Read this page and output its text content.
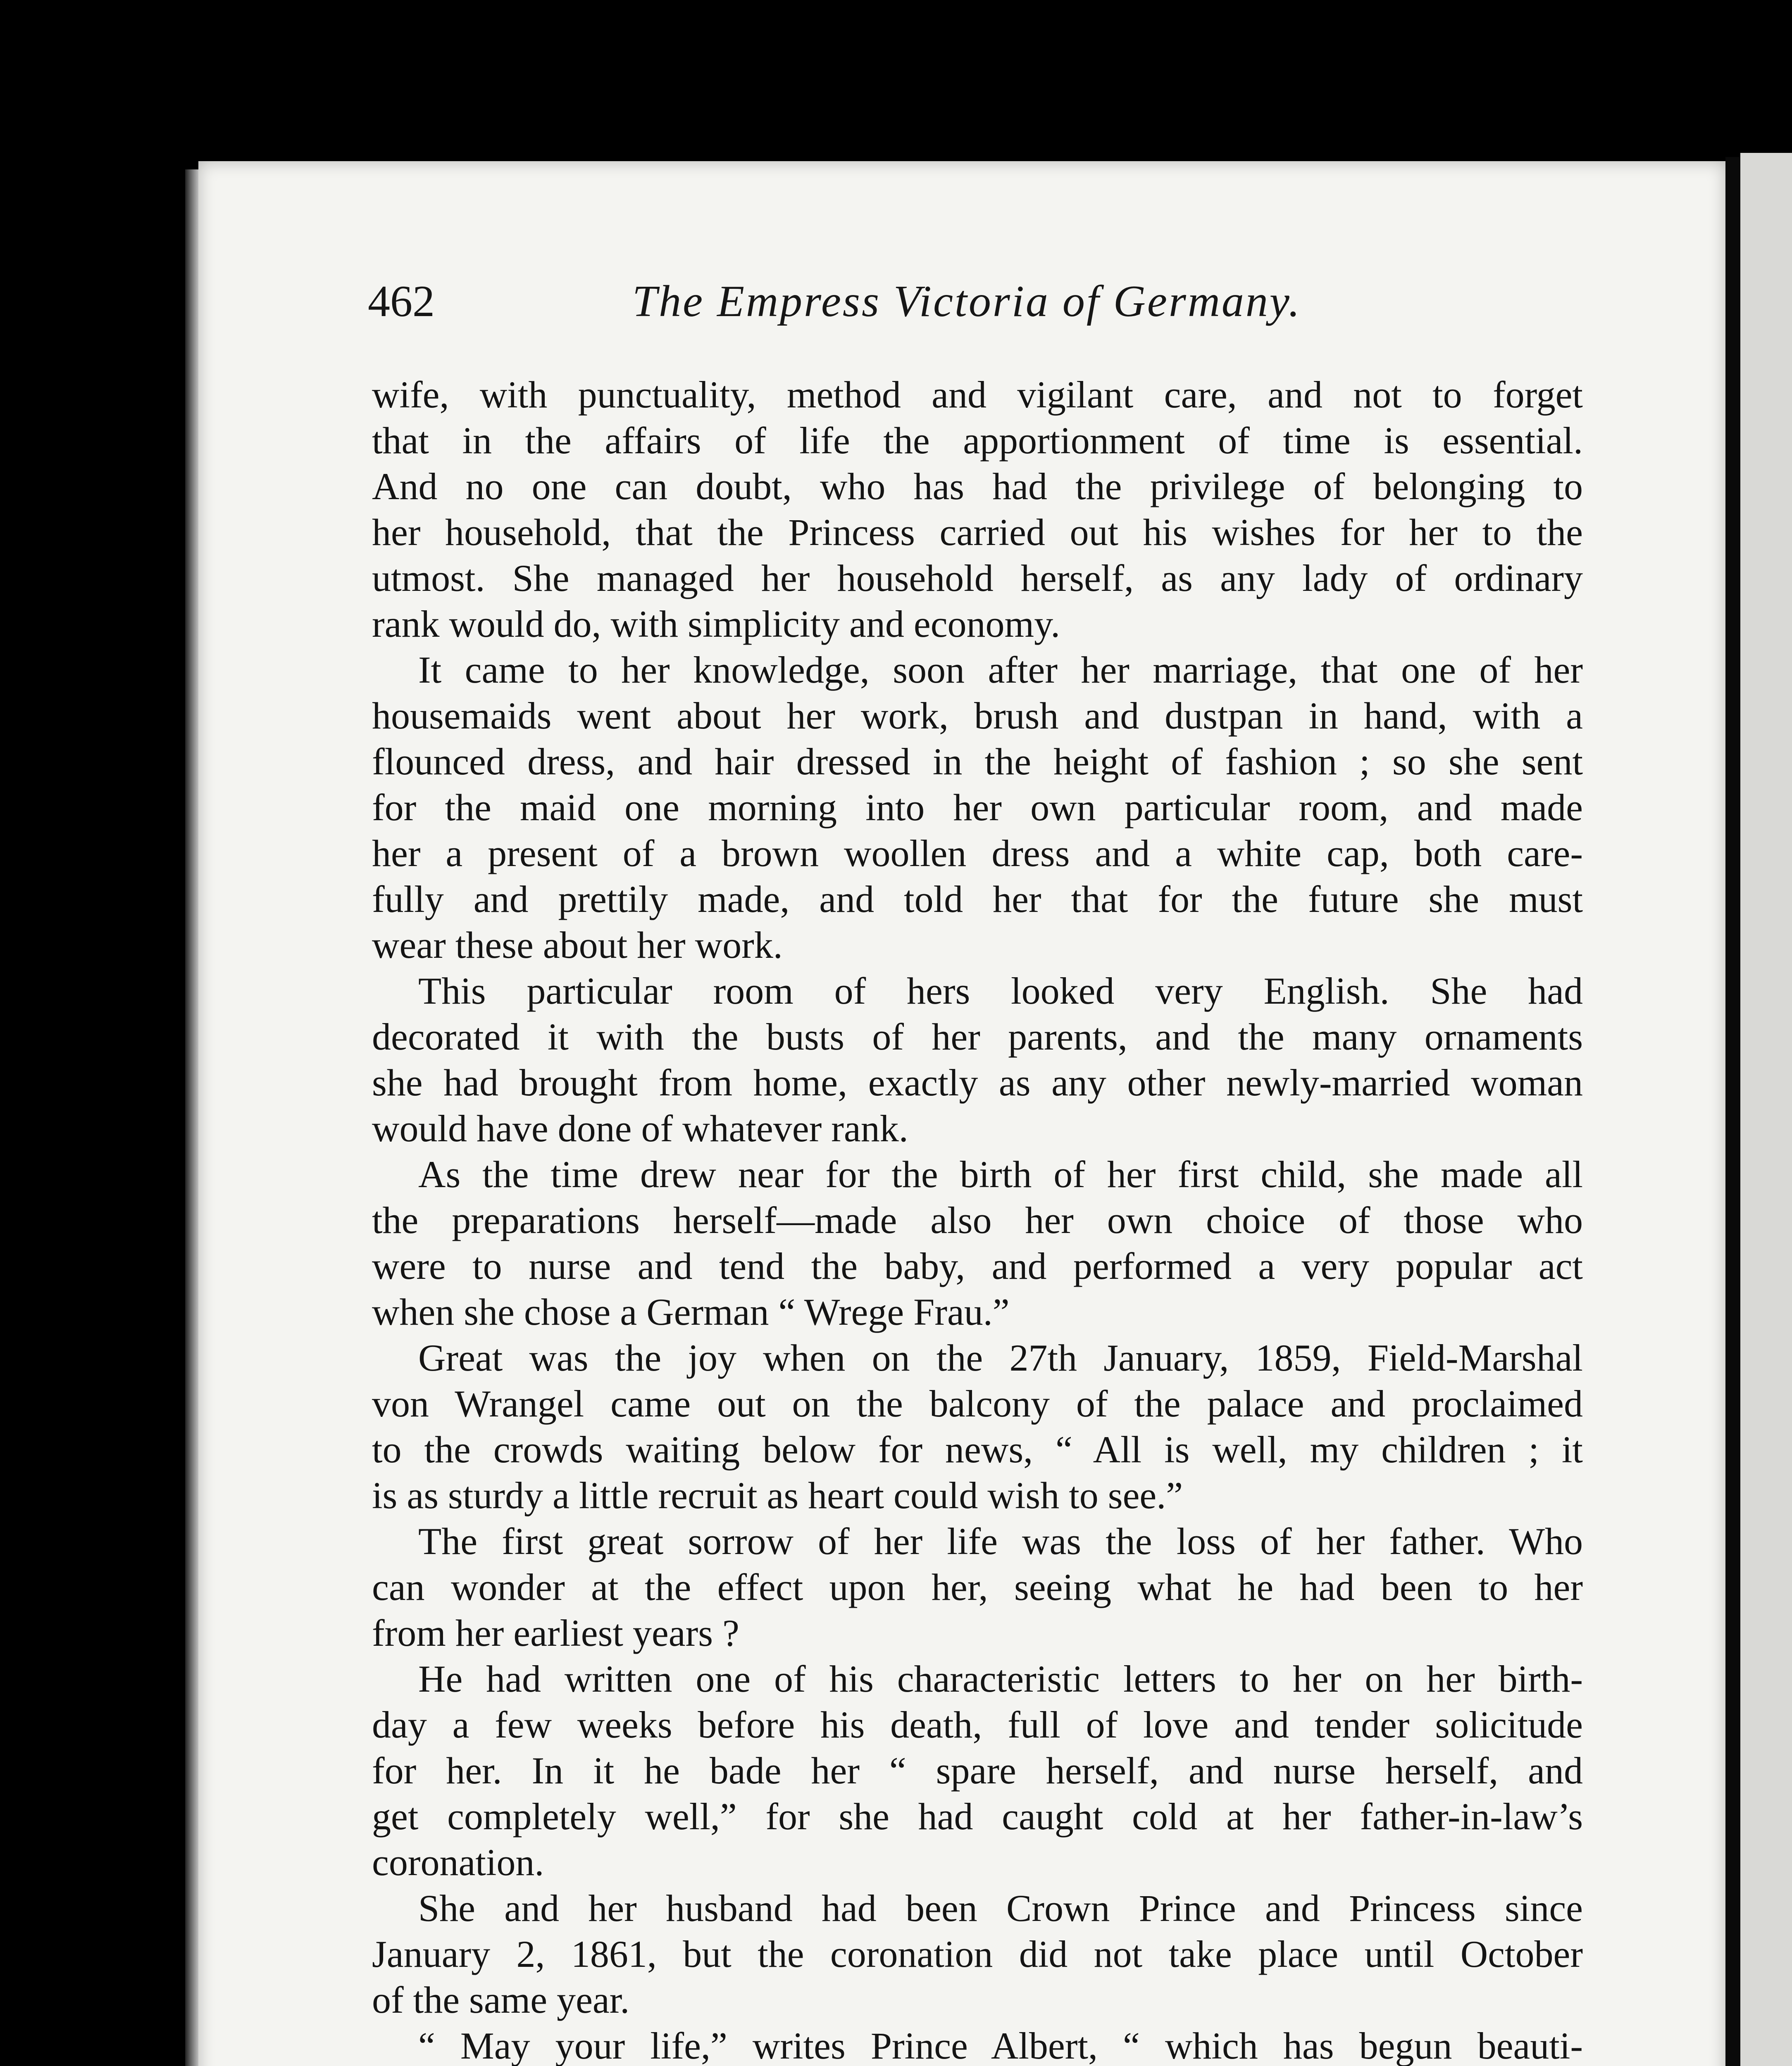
462	The Empress Victoria of Germany.
wife, with punctuality, method and vigilant care, and not to forget
that in the affairs of life the apportionment of time is essential.
And no one can doubt, who has had the privilege of belonging to
her household, that the Princess carried out his wishes for her to the
utmost. She managed her household herself, as any lady of ordinary
rank would do, with simplicity and economy.
It came to her knowledge, soon after her marriage, that one of her
housemaids went about her work, brush and dustpan in hand, with a
flounced dress, and hair dressed in the height of fashion ; so she sent
for the maid one morning into her own particular room, and made
her a present of a brown woollen dress and a white cap, both care-
fully and prettily made, and told her that for the future she must
wear these about her work.
This particular room of hers looked very English. She had
decorated it with the busts of her parents, and the many ornaments
she had brought from home, exactly as any other newly-married woman
would have done of whatever rank.
As the time drew near for the birth of her first child, she made all
the preparations herself—made also her own choice of those who
were to nurse and tend the baby, and performed a very popular act
when she chose a German “ Wrege Frau.”
Great was the joy when on the 27th January, 1859, Field-Marshal
von Wrangel came out on the balcony of the palace and proclaimed
to the crowds waiting below for news, “ All is well, my children ; it
is as sturdy a little recruit as heart could wish to see.”
The first great sorrow of her life was the loss of her father. Who
can wonder at the effect upon her, seeing what he had been to her
from her earliest years ?
He had written one of his characteristic letters to her on her birth-
day a few weeks before his death, full of love and tender solicitude
for her. In it he bade her “ spare herself, and nurse herself, and
get completely well,” for she had caught cold at her father-in-law’s
coronation.
She and her husband had been Crown Prince and Princess since
January 2, 1861, but the coronation did not take place until October
of the same year.
“ May your life,” writes Prince Albert, “ which has begun beauti-
